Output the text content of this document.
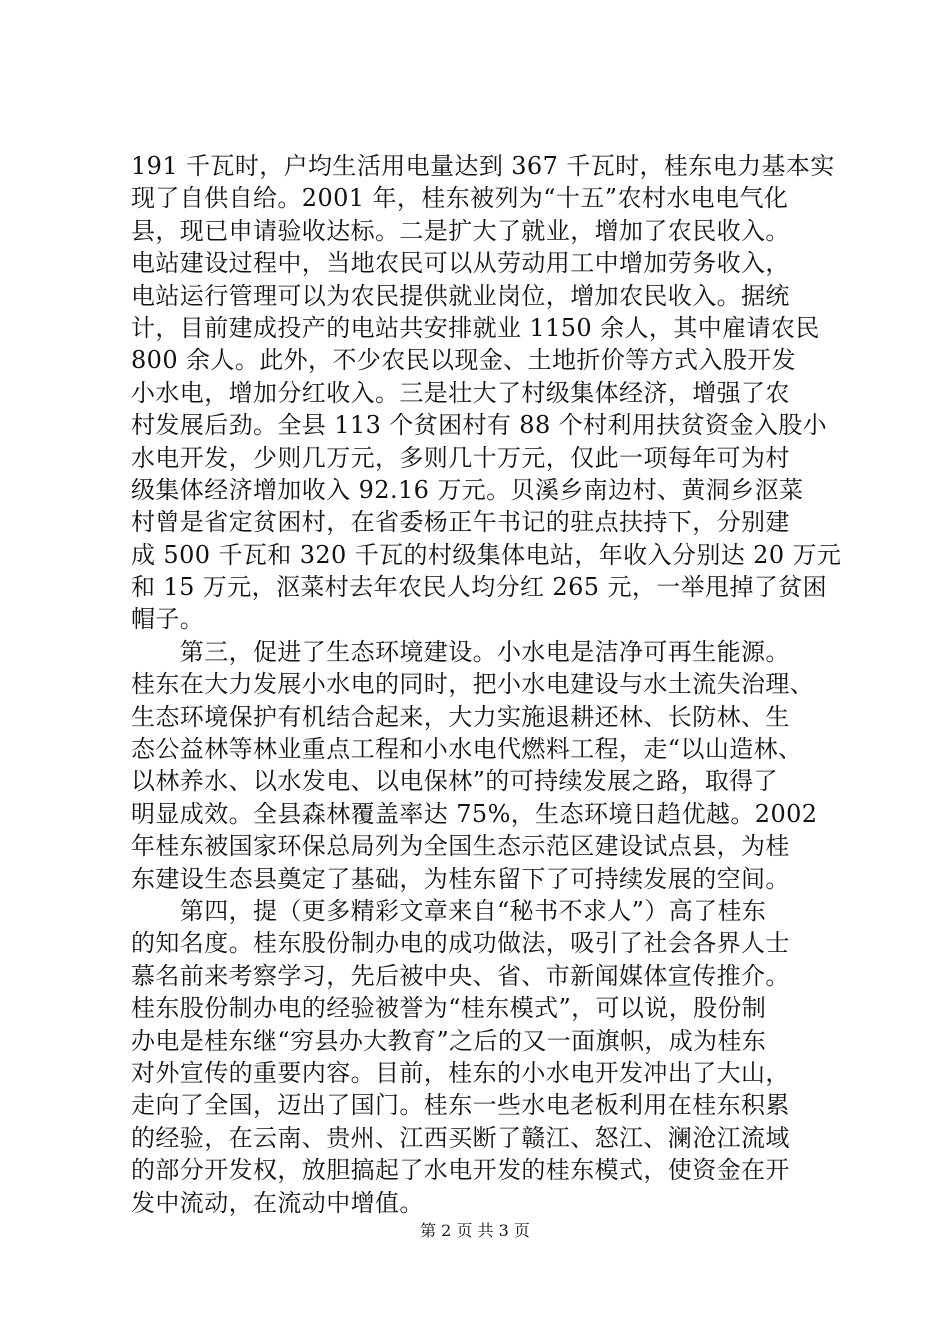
191 千瓦时，户均生活用电量达到 367 千瓦时，桂东电力基本实
现了自供自给。2001 年，桂东被列为“十五”农村水电电气化
县，现已申请验收达标。二是扩大了就业，增加了农民收入。
电站建设过程中，当地农民可以从劳动用工中增加劳务收入，
电站运行管理可以为农民提供就业岗位，增加农民收入。据统
计，目前建成投产的电站共安排就业 1150 余人，其中雇请农民
800 余人。此外，不少农民以现金、土地折价等方式入股开发
小水电，增加分红收入。三是壮大了村级集体经济，增强了农
村发展后劲。全县 113 个贫困村有 88 个村利用扶贫资金入股小
水电开发，少则几万元，多则几十万元，仅此一项每年可为村
级集体经济增加收入 92.16 万元。贝溪乡南边村、黄洞乡沤菜
村曾是省定贫困村，在省委杨正午书记的驻点扶持下，分别建
成 500 千瓦和 320 千瓦的村级集体电站，年收入分别达 20 万元
和 15 万元，沤菜村去年农民人均分红 265 元，一举甩掉了贫困
帽子。
　　第三，促进了生态环境建设。小水电是洁净可再生能源。
桂东在大力发展小水电的同时，把小水电建设与水土流失治理、
生态环境保护有机结合起来，大力实施退耕还林、长防林、生
态公益林等林业重点工程和小水电代燃料工程，走“以山造林、
以林养水、以水发电、以电保林”的可持续发展之路，取得了
明显成效。全县森林覆盖率达 75%，生态环境日趋优越。2002
年桂东被国家环保总局列为全国生态示范区建设试点县，为桂
东建设生态县奠定了基础，为桂东留下了可持续发展的空间。
　　第四，提（更多精彩文章来自“秘书不求人”）高了桂东
的知名度。桂东股份制办电的成功做法，吸引了社会各界人士
慕名前来考察学习，先后被中央、省、市新闻媒体宣传推介。
桂东股份制办电的经验被誉为“桂东模式”，可以说，股份制
办电是桂东继“穷县办大教育”之后的又一面旗帜，成为桂东
对外宣传的重要内容。目前，桂东的小水电开发冲出了大山，
走向了全国，迈出了国门。桂东一些水电老板利用在桂东积累
的经验，在云南、贵州、江西买断了赣江、怒江、澜沧江流域
的部分开发权，放胆搞起了水电开发的桂东模式，使资金在开
发中流动，在流动中增值。
第 2 页 共 3 页
